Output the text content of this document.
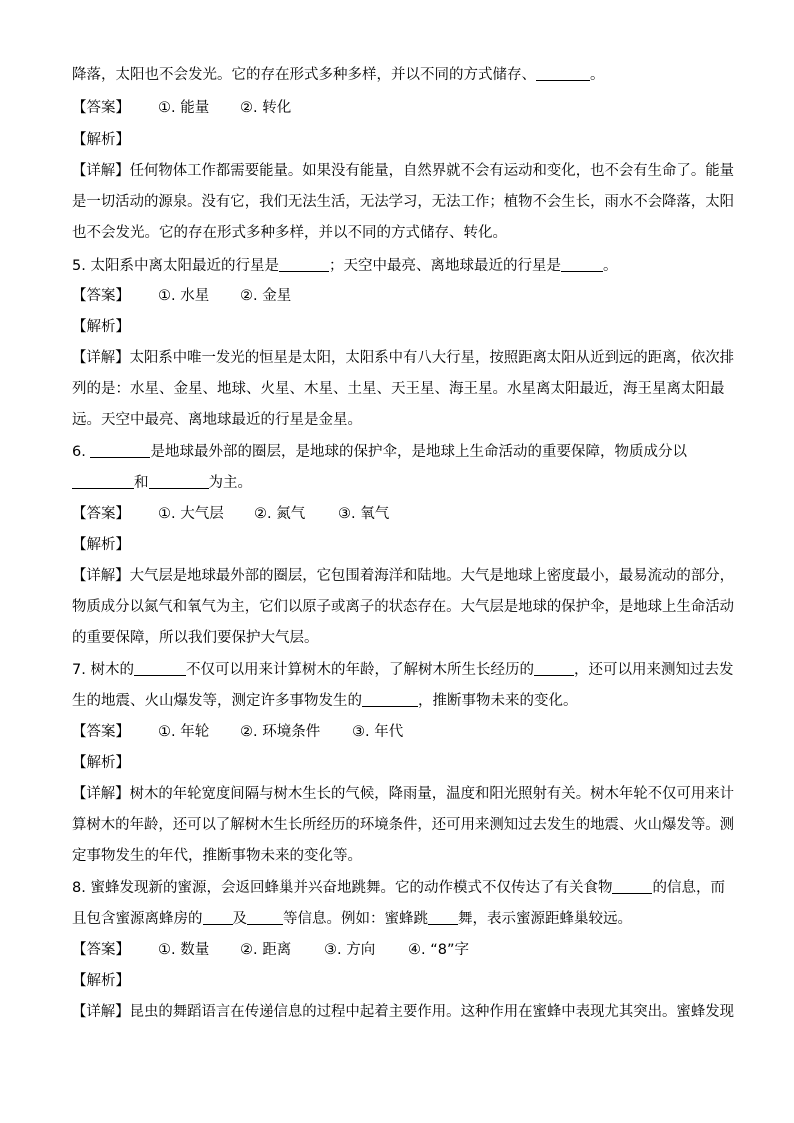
降落，太阳也不会发光。它的存在形式多种多样，并以不同的方式储存、	。
【答案】 ①. 能量 ②. 转化
【解析】
【详解】任何物体工作都需要能量。如果没有能量，自然界就不会有运动和变化，也不会有生命了。能量
是一切活动的源泉。没有它，我们无法生活，无法学习，无法工作；植物不会生长，雨水不会降落，太阳
也不会发光。它的存在形式多种多样，并以不同的方式储存、转化。
5. 太阳系中离太阳最近的行星是	；天空中最亮、离地球最近的行星是	。
【答案】 ①. 水星 ②. 金星
【解析】
【详解】太阳系中唯一发光的恒星是太阳，太阳系中有八大行星，按照距离太阳从近到远的距离，依次排
列的是：水星、金星、地球、火星、木星、土星、天王星、海王星。水星离太阳最近，海王星离太阳最
远。天空中最亮、离地球最近的行星是金星。
6.	是地球最外部的圈层，是地球的保护伞，是地球上生命活动的重要保障，物质成分以
和	为主。
【答案】 ①. 大气层 ②. 氮气 ③. 氧气
【解析】
【详解】大气层是地球最外部的圈层，它包围着海洋和陆地。大气是地球上密度最小，最易流动的部分，
物质成分以氮气和氧气为主，它们以原子或离子的状态存在。大气层是地球的保护伞，是地球上生命活动
的重要保障，所以我们要保护大气层。
7. 树木的	不仅可以用来计算树木的年龄，了解树木所生长经历的	，还可以用来测知过去发
生的地震、火山爆发等，测定许多事物发生的	，推断事物未来的变化。
【答案】 ①. 年轮 ②. 环境条件 ③. 年代
【解析】
【详解】树木的年轮宽度间隔与树木生长的气候，降雨量，温度和阳光照射有关。树木年轮不仅可用来计
算树木的年龄，还可以了解树木生长所经历的环境条件，还可用来测知过去发生的地震、火山爆发等。测
定事物发生的年代，推断事物未来的变化等。
8. 蜜蜂发现新的蜜源，会返回蜂巢并兴奋地跳舞。它的动作模式不仅传达了有关食物	的信息，而
且包含蜜源离蜂房的 及 等信息。例如：蜜蜂跳 舞，表示蜜源距蜂巢较远。
【答案】 ①. 数量 ②. 距离 ③. 方向 ④. “8”字
【解析】
【详解】昆虫的舞蹈语言在传递信息的过程中起着主要作用。这种作用在蜜蜂中表现尤其突出。蜜蜂发现
